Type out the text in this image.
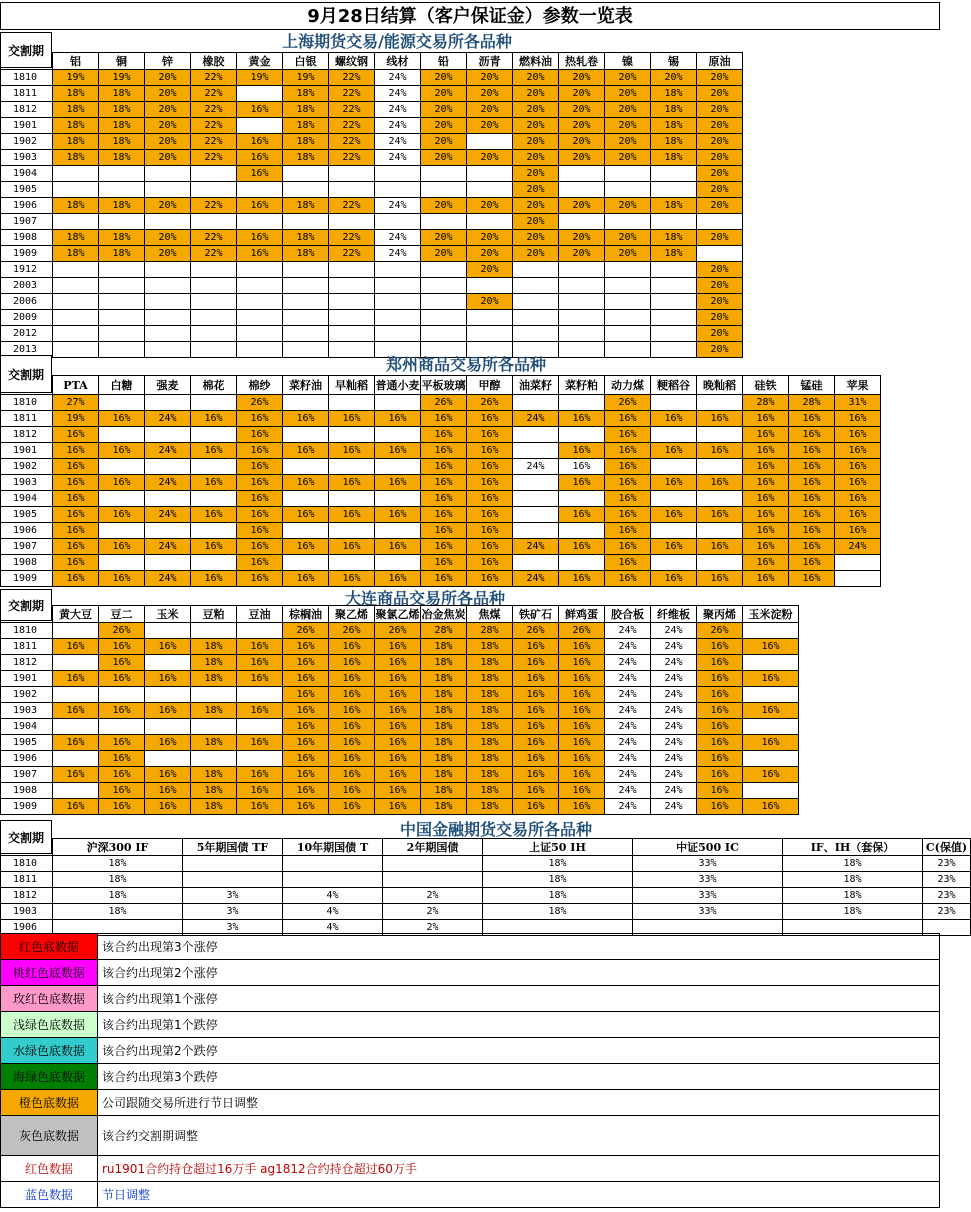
9月28日结算（客户保证金）参数一览表
上海期货交易/能源交易所各品种
	铝	铜	锌	橡胶	黄金	白银	螺纹钢	线材	铅	沥青	燃料油	热轧卷	镍	锡	原油
1810	19%	19%	20%	22%	19%	19%	22%	24%	20%	20%	20%	20%	20%	20%	20%
1811	18%	18%	20%	22%		18%	22%	24%	20%	20%	20%	20%	20%	18%	20%
1812	18%	18%	20%	22%	16%	18%	22%	24%	20%	20%	20%	20%	20%	18%	20%
1901	18%	18%	20%	22%		18%	22%	24%	20%	20%	20%	20%	20%	18%	20%
1902	18%	18%	20%	22%	16%	18%	22%	24%	20%		20%	20%	20%	18%	20%
1903	18%	18%	20%	22%	16%	18%	22%	24%	20%	20%	20%	20%	20%	18%	20%
1904					16%						20%				20%
1905											20%				20%
1906	18%	18%	20%	22%	16%	18%	22%	24%	20%	20%	20%	20%	20%	18%	20%
1907											20%				
1908	18%	18%	20%	22%	16%	18%	22%	24%	20%	20%	20%	20%	20%	18%	20%
1909	18%	18%	20%	22%	16%	18%	22%	24%	20%	20%	20%	20%	20%	18%	
1912										20%					20%
2003															20%
2006										20%					20%
2009															20%
2012															20%
2013															20%
交割期
郑州商品交易所各品种
	PTA	白糖	强麦	棉花	棉纱	菜籽油	早籼稻	普通小麦	平板玻璃	甲醇	油菜籽	菜籽粕	动力煤	粳稻谷	晚籼稻	硅铁	锰硅	苹果
1810	27%				26%				26%	26%			26%			28%	28%	31%
1811	19%	16%	24%	16%	16%	16%	16%	16%	16%	16%	24%	16%	16%	16%	16%	16%	16%	16%
1812	16%				16%				16%	16%			16%			16%	16%	16%
1901	16%	16%	24%	16%	16%	16%	16%	16%	16%	16%		16%	16%	16%	16%	16%	16%	16%
1902	16%				16%				16%	16%	24%	16%	16%			16%	16%	16%
1903	16%	16%	24%	16%	16%	16%	16%	16%	16%	16%		16%	16%	16%	16%	16%	16%	16%
1904	16%				16%				16%	16%			16%			16%	16%	16%
1905	16%	16%	24%	16%	16%	16%	16%	16%	16%	16%		16%	16%	16%	16%	16%	16%	16%
1906	16%				16%				16%	16%			16%			16%	16%	16%
1907	16%	16%	24%	16%	16%	16%	16%	16%	16%	16%	24%	16%	16%	16%	16%	16%	16%	24%
1908	16%				16%				16%	16%			16%			16%	16%	
1909	16%	16%	24%	16%	16%	16%	16%	16%	16%	16%	24%	16%	16%	16%	16%	16%	16%	
交割期
大连商品交易所各品种
	黄大豆	豆二	玉米	豆粕	豆油	棕榈油	聚乙烯	聚氯乙烯	冶金焦炭	焦煤	铁矿石	鲜鸡蛋	胶合板	纤维板	聚丙烯	玉米淀粉
1810		26%				26%	26%	26%	28%	28%	26%	26%	24%	24%	26%	
1811	16%	16%	16%	18%	16%	16%	16%	16%	18%	18%	16%	16%	24%	24%	16%	16%
1812		16%		18%	16%	16%	16%	16%	18%	18%	16%	16%	24%	24%	16%	
1901	16%	16%	16%	18%	16%	16%	16%	16%	18%	18%	16%	16%	24%	24%	16%	16%
1902						16%	16%	16%	18%	18%	16%	16%	24%	24%	16%	
1903	16%	16%	16%	18%	16%	16%	16%	16%	18%	18%	16%	16%	24%	24%	16%	16%
1904						16%	16%	16%	18%	18%	16%	16%	24%	24%	16%	
1905	16%	16%	16%	18%	16%	16%	16%	16%	18%	18%	16%	16%	24%	24%	16%	16%
1906		16%				16%	16%	16%	18%	18%	16%	16%	24%	24%	16%	
1907	16%	16%	16%	18%	16%	16%	16%	16%	18%	18%	16%	16%	24%	24%	16%	16%
1908		16%	16%	18%	16%	16%	16%	16%	18%	18%	16%	16%	24%	24%	16%	
1909	16%	16%	16%	18%	16%	16%	16%	16%	18%	18%	16%	16%	24%	24%	16%	16%
交割期
中国金融期货交易所各品种
	沪深300 IF	5年期国债 TF	10年期国债 T	2年期国债	上证50 IH	中证500 IC	IF、IH（套保）	C(保值)
1810	18%				18%	33%	18%	23%
1811	18%				18%	33%	18%	23%
1812	18%	3%	4%	2%	18%	33%	18%	23%
1903	18%	3%	4%	2%	18%	33%	18%	23%
1906		3%	4%	2%				
交割期
红色底数据	该合约出现第3个涨停
桃红色底数据	该合约出现第2个涨停
玫红色底数据	该合约出现第1个涨停
浅绿色底数据	该合约出现第1个跌停
水绿色底数据	该合约出现第2个跌停
海绿色底数据	该合约出现第3个跌停
橙色底数据	公司跟随交易所进行节日调整
灰色底数据	该合约交割期调整
红色数据	ru1901合约持仓超过16万手 ag1812合约持仓超过60万手
蓝色数据	节日调整
